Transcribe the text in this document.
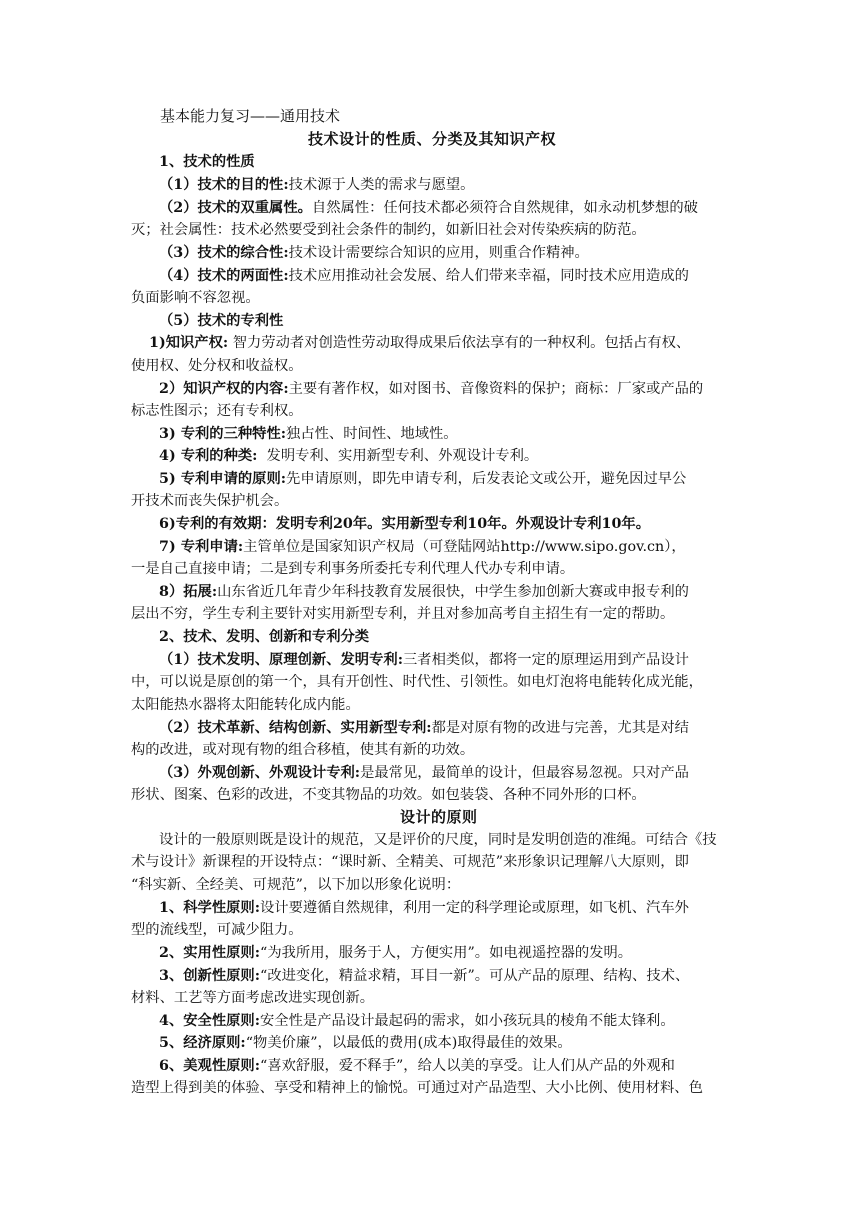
基本能力复习——通用技术
技术设计的性质、分类及其知识产权
1、技术的性质
（1）技术的目的性:技术源于人类的需求与愿望。
（2）技术的双重属性。自然属性：任何技术都必须符合自然规律，如永动机梦想的破
灭；社会属性：技术必然要受到社会条件的制约，如新旧社会对传染疾病的防范。
（3）技术的综合性:技术设计需要综合知识的应用，则重合作精神。
（4）技术的两面性:技术应用推动社会发展、给人们带来幸福，同时技术应用造成的
负面影响不容忽视。
（5）技术的专利性
1)知识产权: 智力劳动者对创造性劳动取得成果后依法享有的一种权利。包括占有权、
使用权、处分权和收益权。
2）知识产权的内容:主要有著作权，如对图书、音像资料的保护；商标：厂家或产品的
标志性图示；还有专利权。
3) 专利的三种特性:独占性、时间性、地域性。
4) 专利的种类: 发明专利、实用新型专利、外观设计专利。
5) 专利申请的原则:先申请原则，即先申请专利，后发表论文或公开，避免因过早公
开技术而丧失保护机会。
6)专利的有效期：发明专利20年。实用新型专利10年。外观设计专利10年。
7) 专利申请:主管单位是国家知识产权局（可登陆网站http://www.sipo.gov.cn），
一是自己直接申请；二是到专利事务所委托专利代理人代办专利申请。
8）拓展:山东省近几年青少年科技教育发展很快，中学生参加创新大赛或申报专利的
层出不穷，学生专利主要针对实用新型专利，并且对参加高考自主招生有一定的帮助。
2、技术、发明、创新和专利分类
（1）技术发明、原理创新、发明专利:三者相类似，都将一定的原理运用到产品设计
中，可以说是原创的第一个，具有开创性、时代性、引领性。如电灯泡将电能转化成光能，
太阳能热水器将太阳能转化成内能。
（2）技术革新、结构创新、实用新型专利:都是对原有物的改进与完善，尤其是对结
构的改进，或对现有物的组合移植，使其有新的功效。
（3）外观创新、外观设计专利:是最常见，最简单的设计，但最容易忽视。只对产品
形状、图案、色彩的改进，不变其物品的功效。如包装袋、各种不同外形的口杯。
设计的原则
设计的一般原则既是设计的规范，又是评价的尺度，同时是发明创造的准绳。可结合《技
术与设计》新课程的开设特点：“课时新、全精美、可规范”来形象识记理解八大原则，即
“科实新、全经美、可规范”，以下加以形象化说明：
1、科学性原则:设计要遵循自然规律，利用一定的科学理论或原理，如飞机、汽车外
型的流线型，可减少阻力。
2、实用性原则:“为我所用，服务于人，方便实用”。如电视遥控器的发明。
3、创新性原则:“改进变化，精益求精，耳目一新”。可从产品的原理、结构、技术、
材料、工艺等方面考虑改进实现创新。
4、安全性原则:安全性是产品设计最起码的需求，如小孩玩具的棱角不能太锋利。
5、经济原则:“物美价廉”，以最低的费用(成本)取得最佳的效果。
6、美观性原则:“喜欢舒服，爱不释手”，给人以美的享受。让人们从产品的外观和
造型上得到美的体验、享受和精神上的愉悦。可通过对产品造型、大小比例、使用材料、色
